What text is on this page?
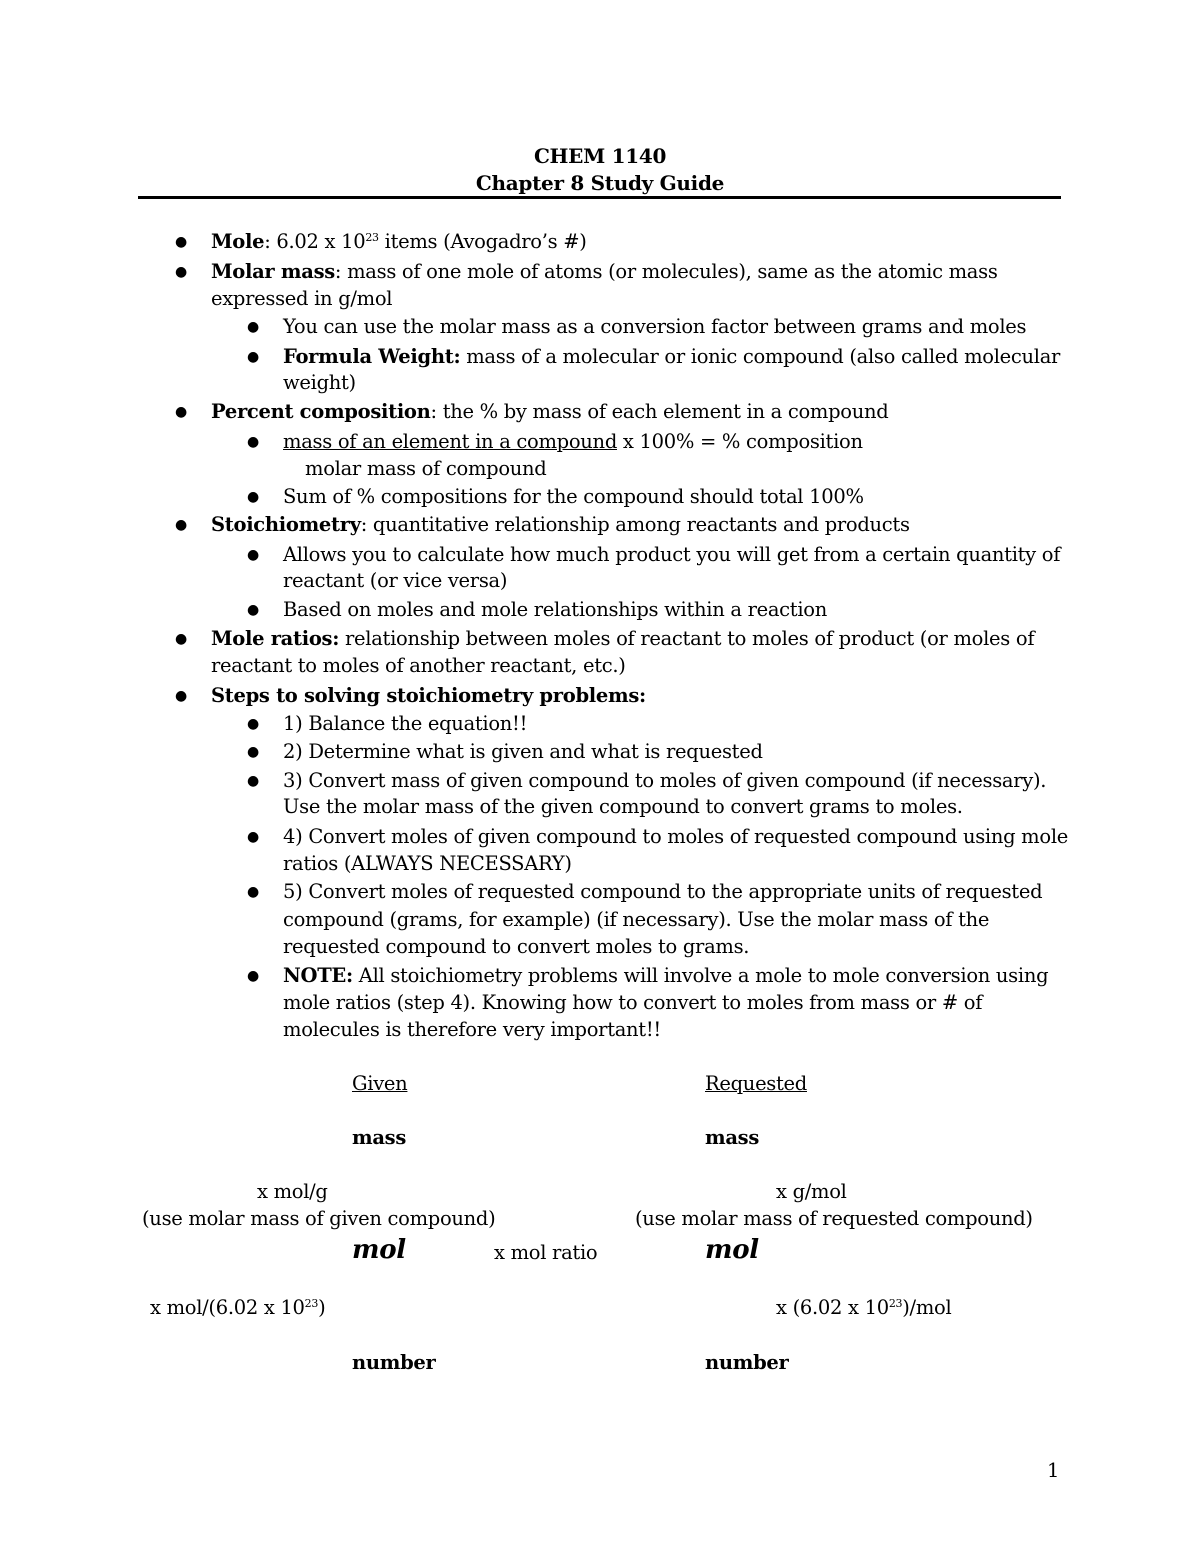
CHEM 1140
Chapter 8 Study Guide
● Mole: 6.02 x $10^{23}$ items (Avogadro’s #)
● Molar mass: mass of one mole of atoms (or molecules), same as the atomic mass
expressed in g/mol
● You can use the molar mass as a conversion factor between grams and moles
● Formula Weight: mass of a molecular or ionic compound (also called molecular
weight)
● Percent composition: the % by mass of each element in a compound
● mass of an element in a compound x 100% = % composition
molar mass of compound
● Sum of % compositions for the compound should total 100%
● Stoichiometry: quantitative relationship among reactants and products
● Allows you to calculate how much product you will get from a certain quantity of
reactant (or vice versa)
● Based on moles and mole relationships within a reaction
● Mole ratios: relationship between moles of reactant to moles of product (or moles of
reactant to moles of another reactant, etc.)
● Steps to solving stoichiometry problems:
● 1) Balance the equation!!
● 2) Determine what is given and what is requested
● 3) Convert mass of given compound to moles of given compound (if necessary).
Use the molar mass of the given compound to convert grams to moles.
● 4) Convert moles of given compound to moles of requested compound using mole
ratios (ALWAYS NECESSARY)
● 5) Convert moles of requested compound to the appropriate units of requested
compound (grams, for example) (if necessary). Use the molar mass of the
requested compound to convert moles to grams.
● NOTE: All stoichiometry problems will involve a mole to mole conversion using
mole ratios (step 4). Knowing how to convert to moles from mass or # of
molecules is therefore very important!!
Given	Requested
mass	mass
x mol/g	x g/mol
(use molar mass of given compound)	(use molar mass of requested compound)
mol	x mol ratio	mol
x mol/(6.02 x $10^{23}$)	x (6.02 x $10^{23}$)/mol
number	number
1
